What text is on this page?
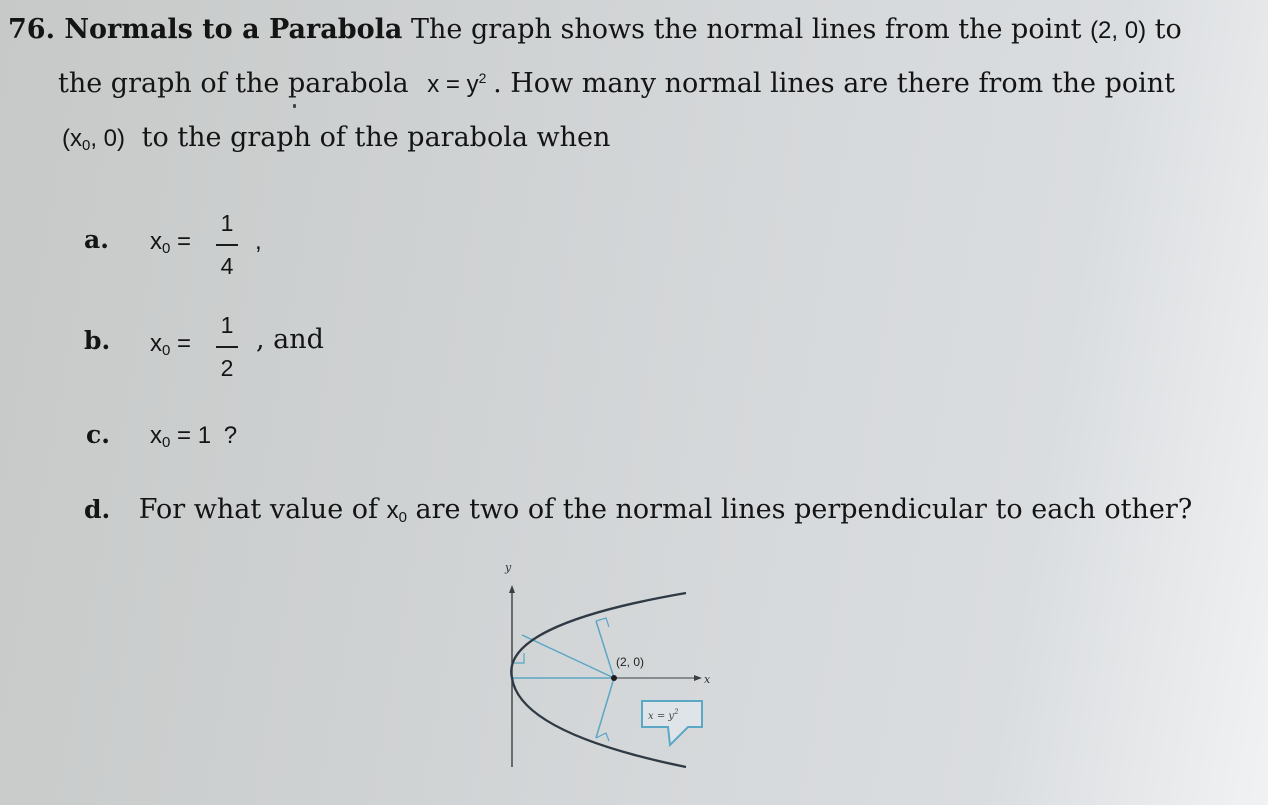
76. Normals to a Parabola The graph shows the normal lines from the point (2, 0) to
the graph of the parabola $x = y^2$ . How many normal lines are there from the point
($x_0$, 0) to the graph of the parabola when
a. $x_0$ =
1
4
,
b. $x_0$ =
1
2
, and
c. $x_0 = 1$ ?
d. For what value of $x_0$ are two of the normal lines perpendicular to each other?
y
x
(2, 0)
$x = y^2$
